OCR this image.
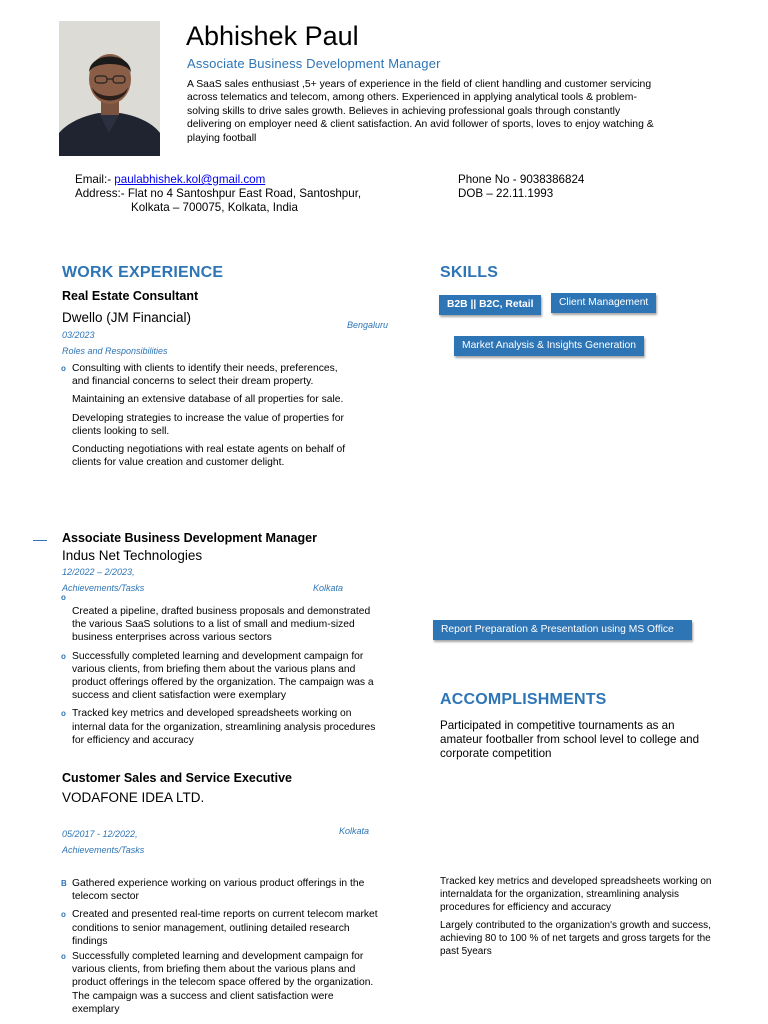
Abhishek Paul
Associate Business Development Manager
A SaaS sales enthusiast ,5+ years of experience in the field of client handling and customer servicing across telematics and telecom, among others. Experienced in applying analytical tools & problem-solving skills to drive sales growth. Believes in achieving professional goals through constantly delivering on employer need & client satisfaction. An avid follower of sports, loves to enjoy watching & playing football
Email:- paulabhishek.kol@gmail.com
Address:- Flat no 4 Santoshpur East Road, Santoshpur,
Kolkata – 700075, Kolkata, India
Phone No - 9038386824
DOB – 22.11.1993
WORK EXPERIENCE
Real Estate Consultant
Dwello (JM Financial)	Bengaluru
03/2023
Roles and Responsibilities
o Consulting with clients to identify their needs, preferences, and financial concerns to select their dream property.
Maintaining an extensive database of all properties for sale.
Developing strategies to increase the value of properties for clients looking to sell.
Conducting negotiations with real estate agents on behalf of clients for value creation and customer delight.
Associate Business Development Manager
Indus Net Technologies
12/2022 – 2/2023,
Kolkata
Achievements/Tasks
o
Created a pipeline, drafted business proposals and demonstrated the various SaaS solutions to a list of small and medium-sized business enterprises across various sectors
o Successfully completed learning and development campaign for various clients, from briefing them about the various plans and product offerings offered by the organization. The campaign was a success and client satisfaction were exemplary
o Tracked key metrics and developed spreadsheets working on internal data for the organization, streamlining analysis procedures for efficiency and accuracy
Customer Sales and Service Executive
VODAFONE IDEA LTD.
Kolkata
05/2017 - 12/2022,
Achievements/Tasks
B Gathered experience working on various product offerings in the telecom sector
o Created and presented real-time reports on current telecom market conditions to senior management, outlining detailed research findings
o Successfully completed learning and development campaign for various clients, from briefing them about the various plans and product offerings in the telecom space offered by the organization. The campaign was a success and client satisfaction were exemplary
SKILLS
B2B || B2C, Retail	Client Management
Market Analysis & Insights Generation
Report Preparation & Presentation using MS Office
ACCOMPLISHMENTS
Participated in competitive tournaments as an amateur footballer from school level to college and corporate competition
Tracked key metrics and developed spreadsheets working on internaldata for the organization, streamlining analysis procedures for efficiency and accuracy
Largely contributed to the organization's growth and success, achieving 80 to 100 % of net targets and gross targets for the past 5years
